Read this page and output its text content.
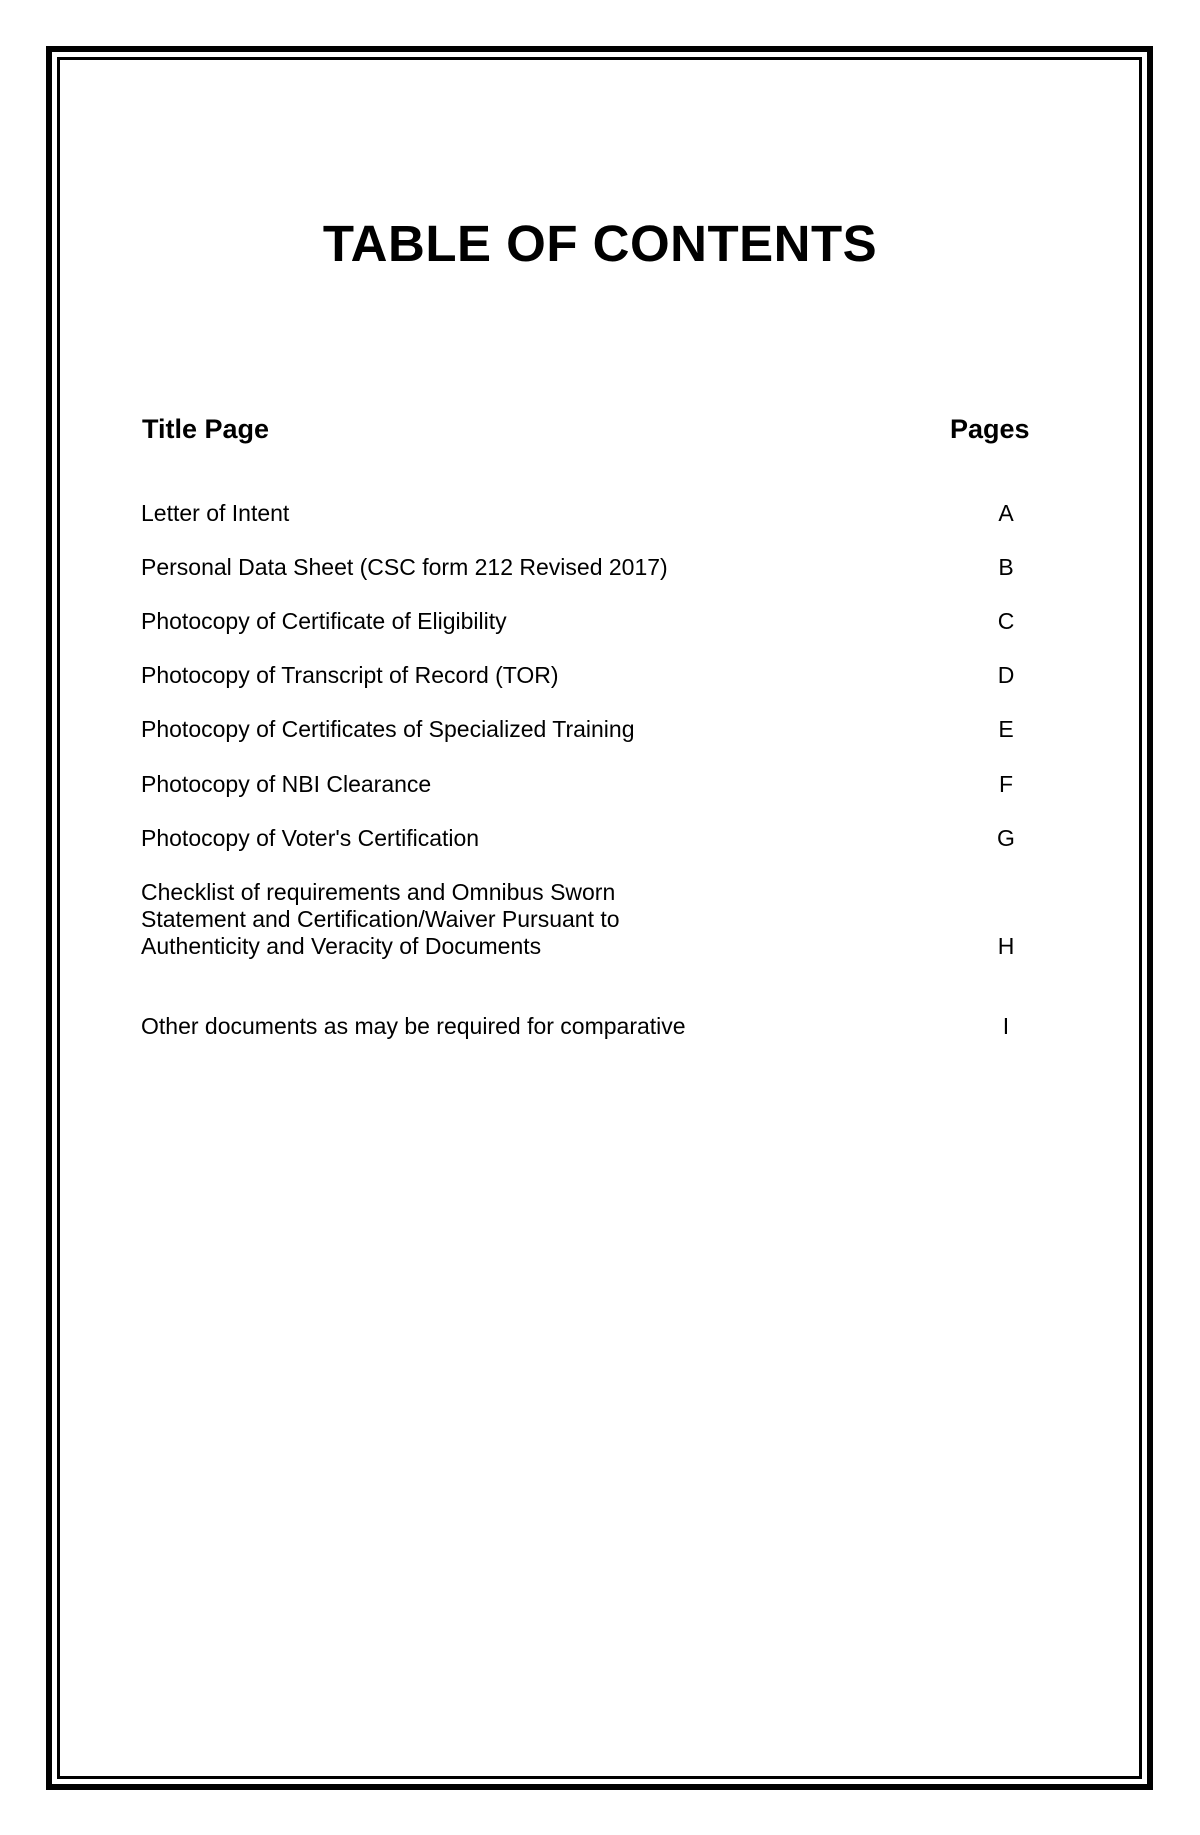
TABLE OF CONTENTS
Title Page	Pages
Letter of Intent	A
Personal Data Sheet (CSC form 212 Revised 2017)	B
Photocopy of Certificate of Eligibility	C
Photocopy of Transcript of Record (TOR)	D
Photocopy of Certificates of Specialized Training	E
Photocopy of NBI Clearance	F
Photocopy of Voter's Certification	G
Checklist of requirements and Omnibus Sworn
Statement and Certification/Waiver Pursuant to
Authenticity and Veracity of Documents	H
Other documents as may be required for comparative	I
